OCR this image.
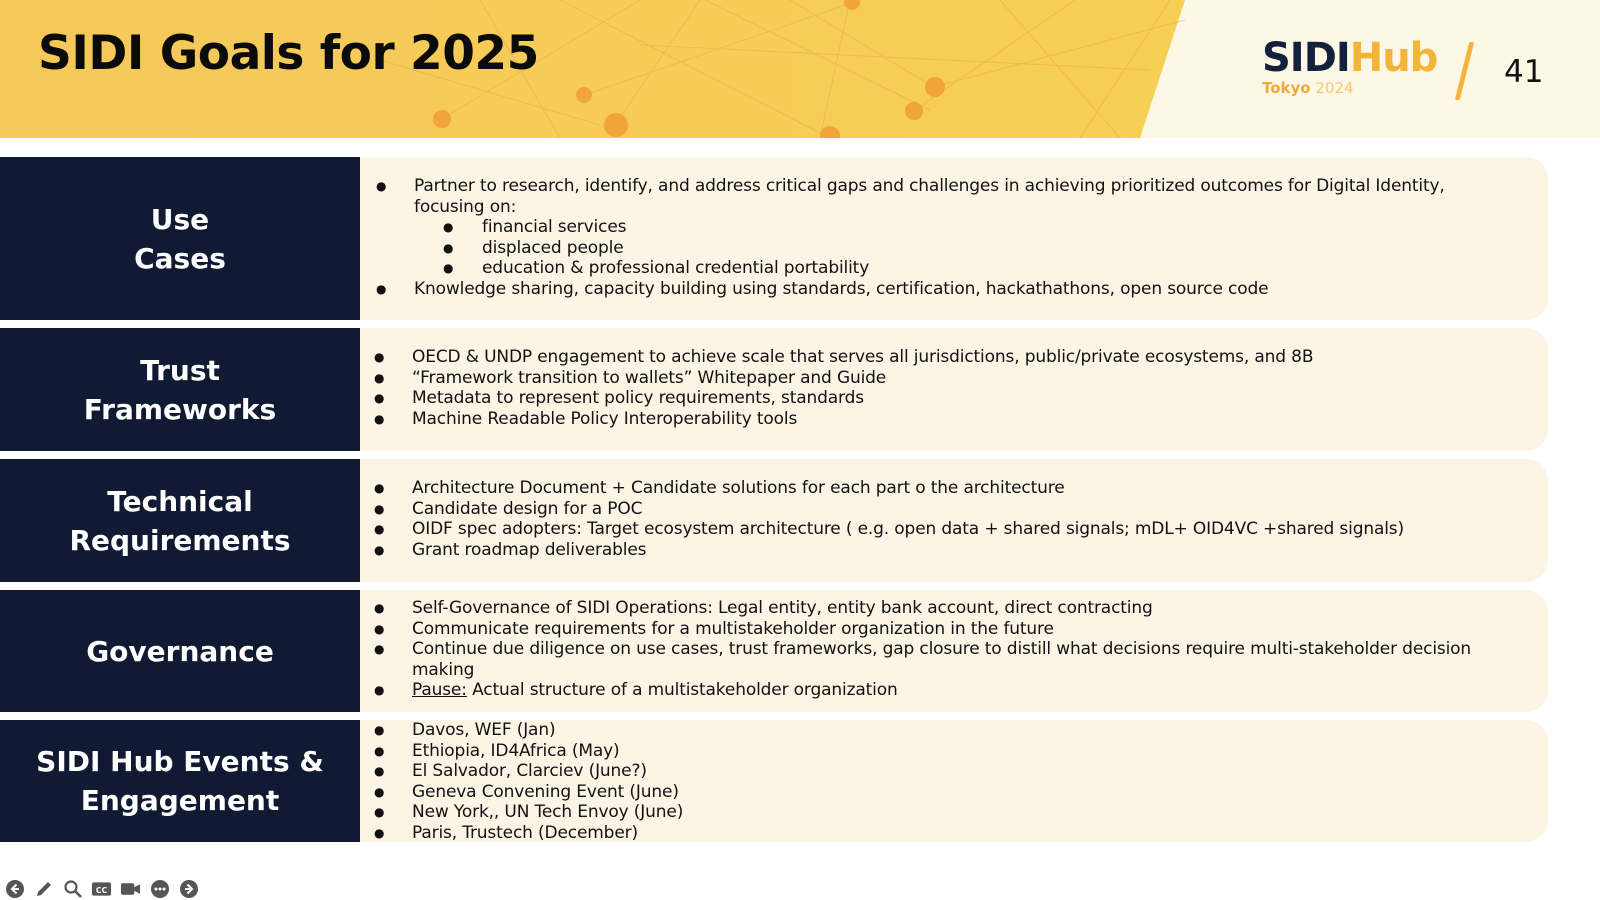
SIDI Goals for 2025	SIDIHub
Tokyo 2024	41
Use
Cases
● Partner to research, identify, and address critical gaps and challenges in achieving prioritized outcomes for Digital Identity, focusing on:
● financial services
● displaced people
● education & professional credential portability
● Knowledge sharing, capacity building using standards, certification, hackathathons, open source code
Trust
Frameworks
● OECD & UNDP engagement to achieve scale that serves all jurisdictions, public/private ecosystems, and 8B
● “Framework transition to wallets” Whitepaper and Guide
● Metadata to represent policy requirements, standards
● Machine Readable Policy Interoperability tools
Technical
Requirements
● Architecture Document + Candidate solutions for each part o the architecture
● Candidate design for a POC
● OIDF spec adopters: Target ecosystem architecture ( e.g. open data + shared signals; mDL+ OID4VC +shared signals)
● Grant roadmap deliverables
Governance
● Self-Governance of SIDI Operations: Legal entity, entity bank account, direct contracting
● Communicate requirements for a multistakeholder organization in the future
● Continue due diligence on use cases, trust frameworks, gap closure to distill what decisions require multi-stakeholder decision making
● Pause: Actual structure of a multistakeholder organization
SIDI Hub Events &
Engagement
● Davos, WEF (Jan)
● Ethiopia, ID4Africa (May)
● El Salvador, Clarciev (June?)
● Geneva Convening Event (June)
● New York,, UN Tech Envoy (June)
● Paris, Trustech (December)
CC
